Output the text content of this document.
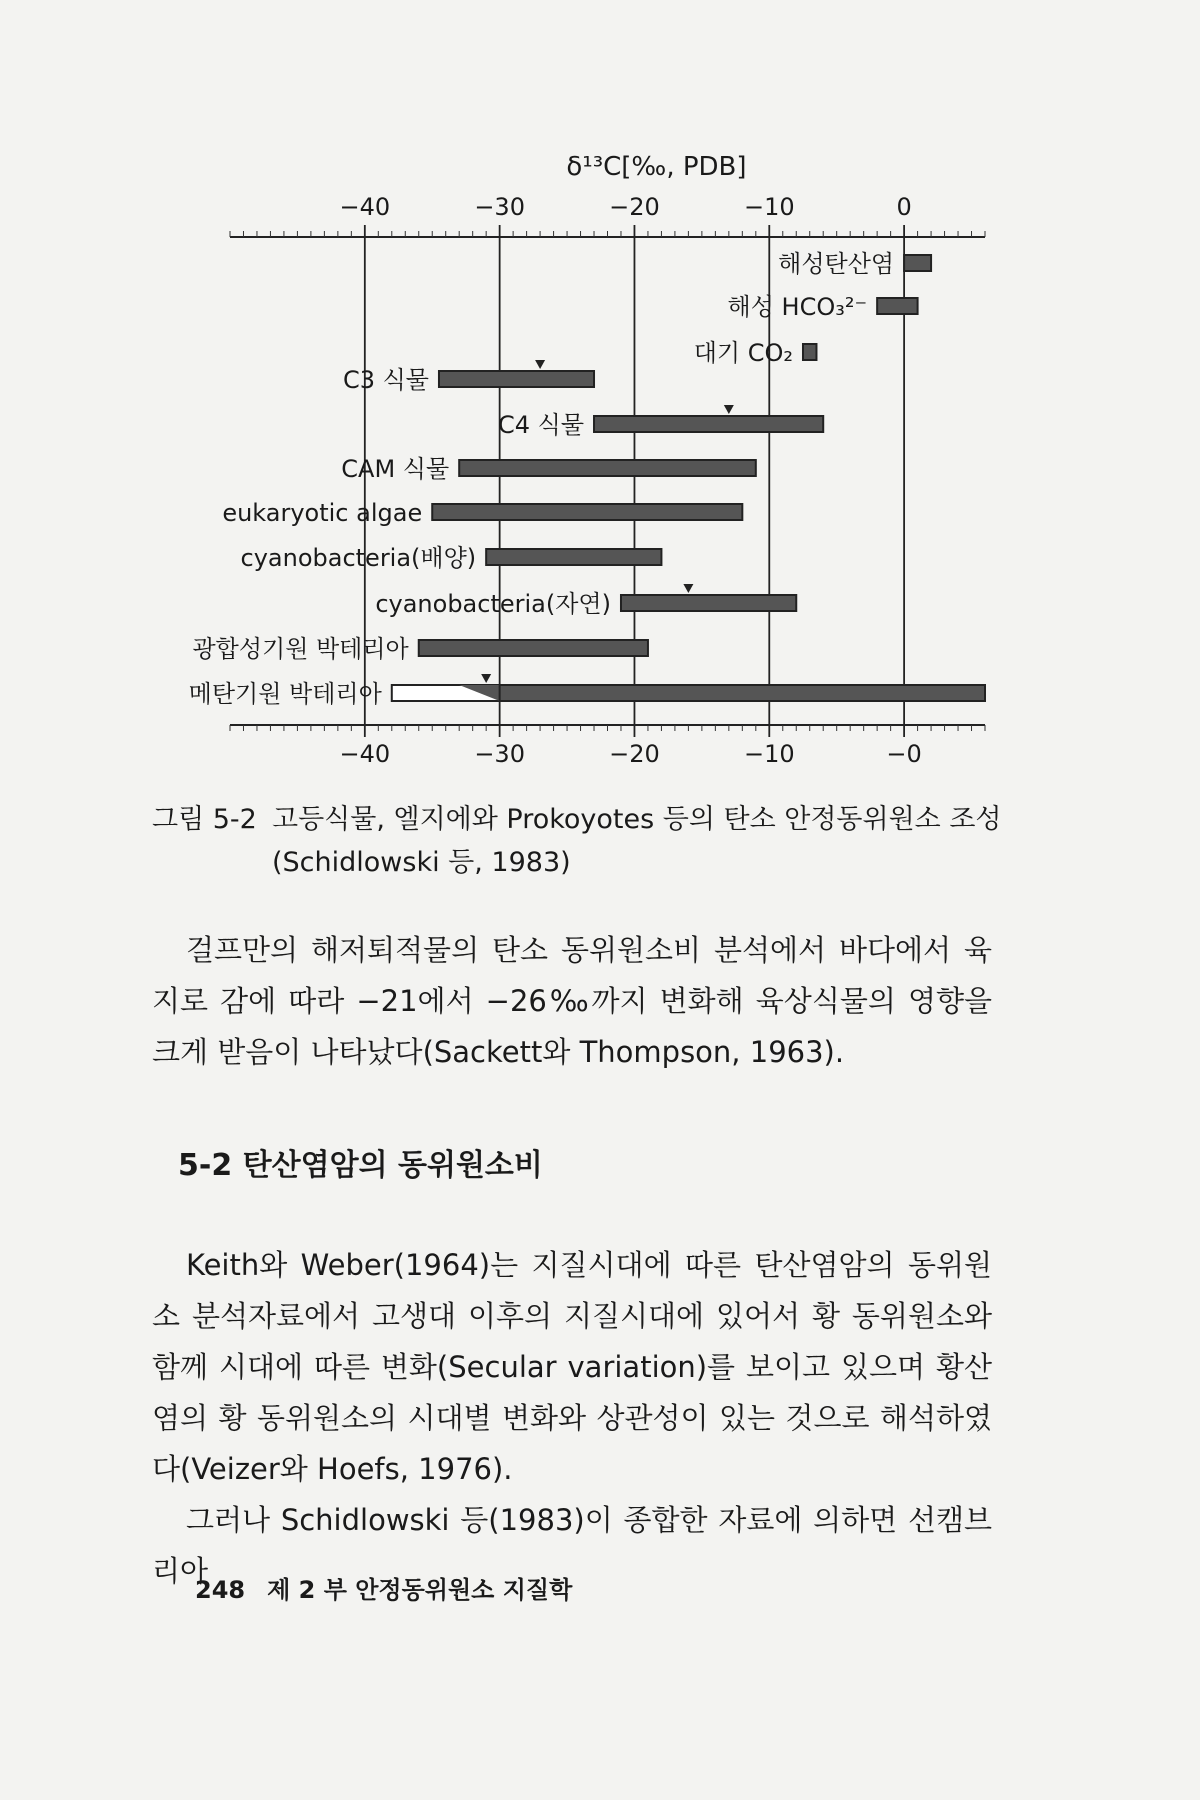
δ¹³C[‰, PDB]
−40	−30	−20	−10	0
−40	−30	−20	−10	−0
해성탄산염
해성 HCO₃²⁻
대기 CO₂
C3 식물
C4 식물
CAM 식물
eukaryotic algae
cyanobacteria(배양)
cyanobacteria(자연)
광합성기원 박테리아
메탄기원 박테리아
그림 5-2 고등식물, 엘지에와 Prokoyotes 등의 탄소 안정동위원소 조성
(Schidlowski 등, 1983)

걸프만의 해저퇴적물의 탄소 동위원소비 분석에서 바다에서 육지로 감에 따라 −21에서 −26‰까지 변화해 육상식물의 영향을 크게 받음이 나타났다(Sackett와 Thompson, 1963).

5-2 탄산염암의 동위원소비

Keith와 Weber(1964)는 지질시대에 따른 탄산염암의 동위원소 분석자료에서 고생대 이후의 지질시대에 있어서 황 동위원소와 함께 시대에 따른 변화(Secular variation)를 보이고 있으며 황산염의 황 동위원소의 시대별 변화와 상관성이 있는 것으로 해석하였다(Veizer와 Hoefs, 1976).

그러나 Schidlowski 등(1983)이 종합한 자료에 의하면 선캠브리아

248 제 2 부 안정동위원소 지질학
